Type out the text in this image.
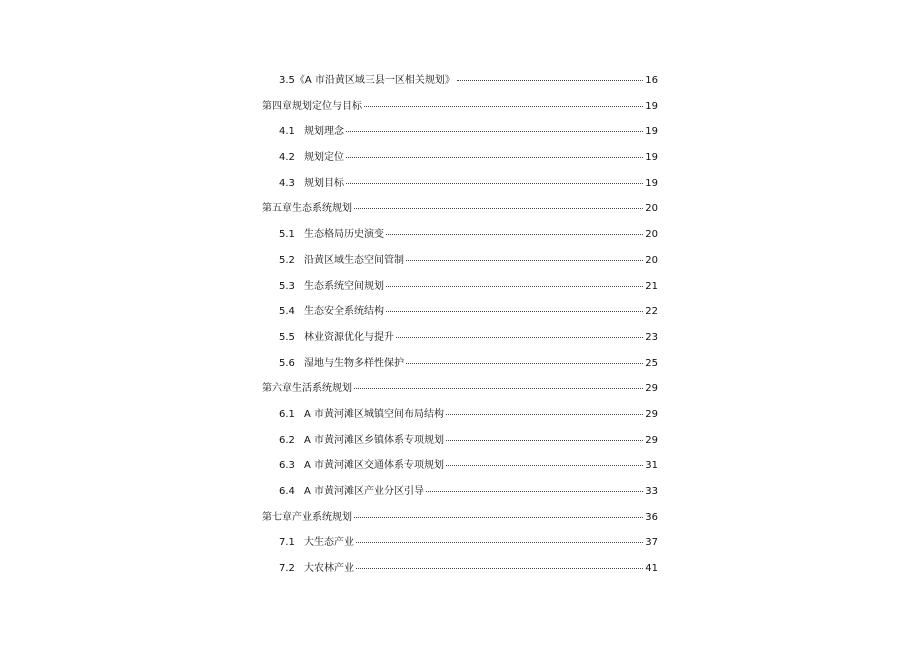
3.5 《A 市沿黄区域三县一区相关规划》	16
第四章规划定位与目标	19
4.1 规划理念	19
4.2 规划定位	19
4.3 规划目标	19
第五章生态系统规划	20
5.1 生态格局历史演变	20
5.2 沿黄区域生态空间管制	20
5.3 生态系统空间规划	21
5.4 生态安全系统结构	22
5.5 林业资源优化与提升	23
5.6 湿地与生物多样性保护	25
第六章生活系统规划	29
6.1 A 市黄河滩区城镇空间布局结构	29
6.2 A 市黄河滩区乡镇体系专项规划	29
6.3 A 市黄河滩区交通体系专项规划	31
6.4 A 市黄河滩区产业分区引导	33
第七章产业系统规划	36
7.1 大生态产业	37
7.2 大农林产业	41
